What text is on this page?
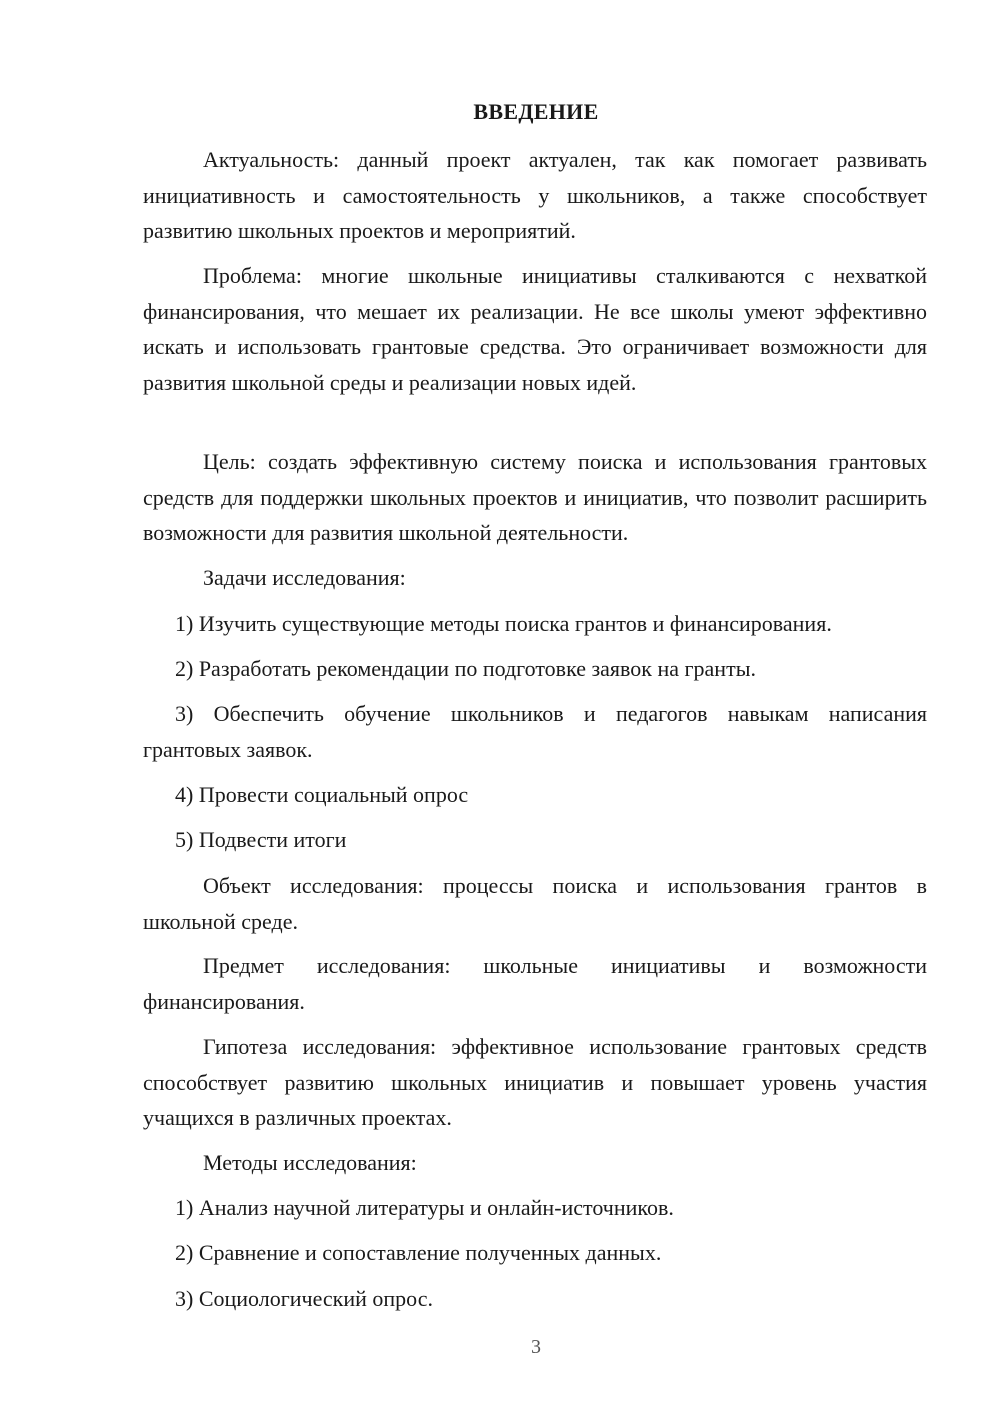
ВВЕДЕНИЕ

Актуальность: данный проект актуален, так как помогает развивать инициативность и самостоятельность у школьников, а также способствует развитию школьных проектов и мероприятий.

Проблема: многие школьные инициативы сталкиваются с нехваткой финансирования, что мешает их реализации. Не все школы умеют эффективно искать и использовать грантовые средства. Это ограничивает возможности для развития школьной среды и реализации новых идей.

Цель: создать эффективную систему поиска и использования грантовых средств для поддержки школьных проектов и инициатив, что позволит расширить возможности для развития школьной деятельности.

Задачи исследования:

1) Изучить существующие методы поиска грантов и финансирования.

2) Разработать рекомендации по подготовке заявок на гранты.

3) Обеспечить обучение школьников и педагогов навыкам написания грантовых заявок.

4) Провести социальный опрос

5) Подвести итоги

Объект исследования: процессы поиска и использования грантов в школьной среде.

Предмет исследования: школьные инициативы и возможности финансирования.

Гипотеза исследования: эффективное использование грантовых средств способствует развитию школьных инициатив и повышает уровень участия учащихся в различных проектах.

Методы исследования:

1) Анализ научной литературы и онлайн-источников.

2) Сравнение и сопоставление полученных данных.

3) Социологический опрос.

3
